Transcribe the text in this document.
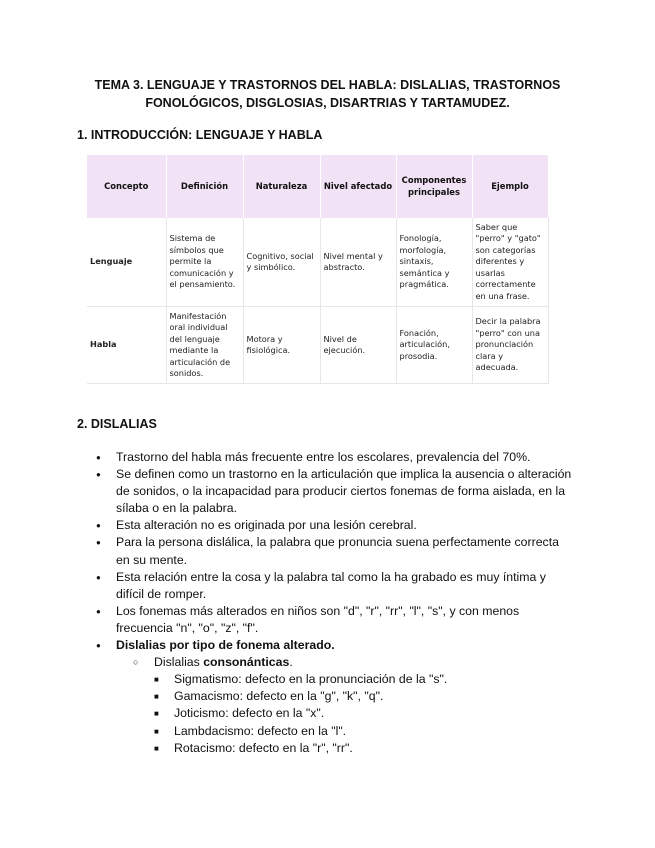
TEMA 3. LENGUAJE Y TRASTORNOS DEL HABLA: DISLALIAS, TRASTORNOS
FONOLÓGICOS, DISGLOSIAS, DISARTRIAS Y TARTAMUDEZ.
1. INTRODUCCIÓN: LENGUAJE Y HABLA
Concepto	Definición	Naturaleza	Nivel afectado	Componentes principales	Ejemplo
Lenguaje	Sistema de símbolos que permite la comunicación y el pensamiento.	Cognitivo, social y simbólico.	Nivel mental y abstracto.	Fonología, morfología, sintaxis, semántica y pragmática.	Saber que "perro" y "gato" son categorías diferentes y usarlas correctamente en una frase.
Habla	Manifestación oral individual del lenguaje mediante la articulación de sonidos.	Motora y fisiológica.	Nivel de ejecución.	Fonación, articulación, prosodia.	Decir la palabra "perro" con una pronunciación clara y adecuada.
2. DISLALIAS
● Trastorno del habla más frecuente entre los escolares, prevalencia del 70%.
● Se definen como un trastorno en la articulación que implica la ausencia o alteración de sonidos, o la incapacidad para producir ciertos fonemas de forma aislada, en la sílaba o en la palabra.
● Esta alteración no es originada por una lesión cerebral.
● Para la persona dislálica, la palabra que pronuncia suena perfectamente correcta en su mente.
● Esta relación entre la cosa y la palabra tal como la ha grabado es muy íntima y difícil de romper.
● Los fonemas más alterados en niños son "d", "r", "rr", "l", "s", y con menos frecuencia "n", "o", "z", "f".
● Dislalias por tipo de fonema alterado.
○ Dislalias consonánticas.
■ Sigmatismo: defecto en la pronunciación de la "s".
■ Gamacismo: defecto en la "g", "k", "q".
■ Joticismo: defecto en la "x".
■ Lambdacismo: defecto en la "l".
■ Rotacismo: defecto en la "r", "rr".
